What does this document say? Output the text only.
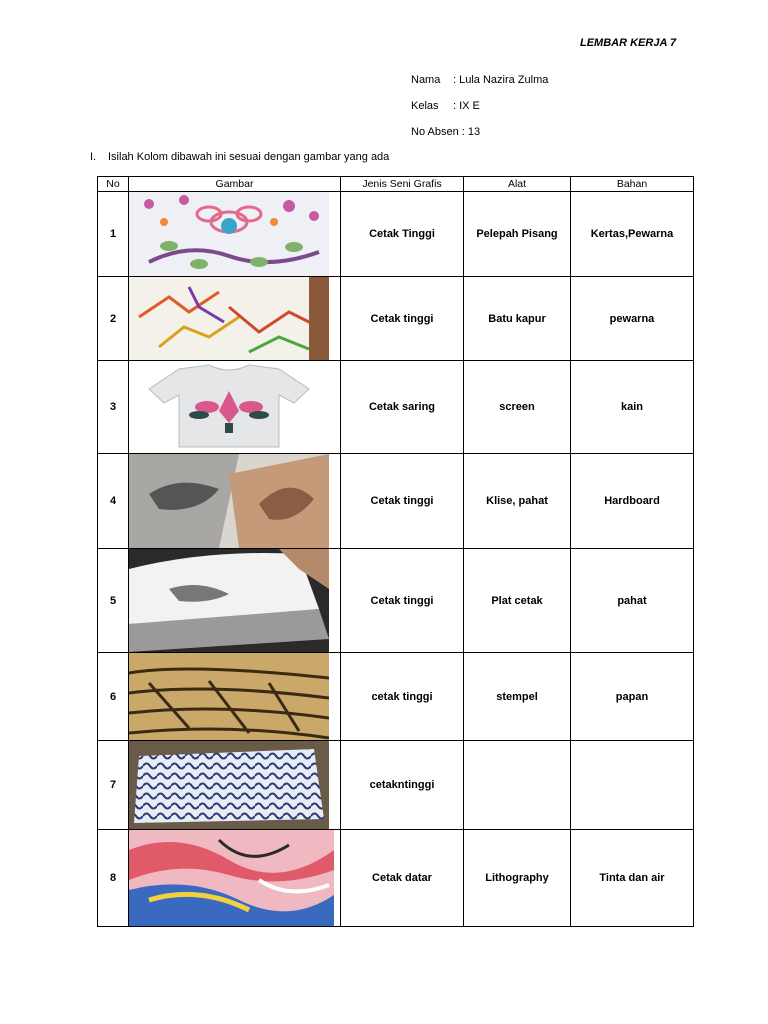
LEMBAR KERJA 7
Nama : Lula Nazira Zulma
Kelas : IX E
No Absen : 13
I. Isilah Kolom dibawah ini sesuai dengan gambar yang ada
No	Gambar	Jenis Seni Grafis	Alat	Bahan
1		Cetak Tinggi	Pelepah Pisang	Kertas,Pewarna
2		Cetak tinggi	Batu kapur	pewarna
3		Cetak saring	screen	kain
4		Cetak tinggi	Klise, pahat	Hardboard
5		Cetak tinggi	Plat cetak	pahat
6		cetak tinggi	stempel	papan
7		cetakntinggi		
8		Cetak datar	Lithography	Tinta dan air
